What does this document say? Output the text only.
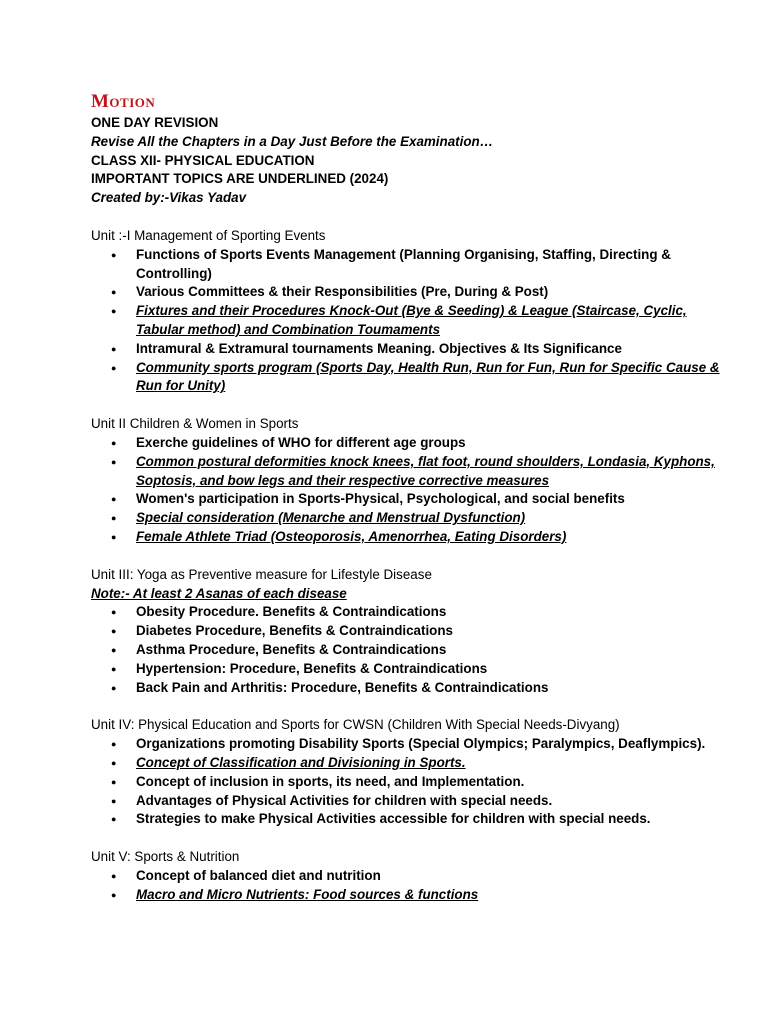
Motion
ONE DAY REVISION
Revise All the Chapters in a Day Just Before the Examination…
CLASS XII- PHYSICAL EDUCATION
IMPORTANT TOPICS ARE UNDERLINED (2024)
Created by:-Vikas Yadav
Unit :-I Management of Sporting Events
● Functions of Sports Events Management (Planning Organising, Staffing, Directing & Controlling)
● Various Committees & their Responsibilities (Pre, During & Post)
● Fixtures and their Procedures Knock-Out (Bye & Seeding) & League (Staircase, Cyclic, Tabular method) and Combination Toumaments
● Intramural & Extramural tournaments Meaning. Objectives & Its Significance
● Community sports program (Sports Day, Health Run, Run for Fun, Run for Specific Cause & Run for Unity)
Unit II Children & Women in Sports
● Exerche guidelines of WHO for different age groups
● Common postural deformities knock knees, flat foot, round shoulders, Londasia, Kyphons, Soptosis, and bow legs and their respective corrective measures
● Women's participation in Sports-Physical, Psychological, and social benefits
● Special consideration (Menarche and Menstrual Dysfunction)
● Female Athlete Triad (Osteoporosis, Amenorrhea, Eating Disorders)
Unit III: Yoga as Preventive measure for Lifestyle Disease
Note:- At least 2 Asanas of each disease
● Obesity Procedure. Benefits & Contraindications
● Diabetes Procedure, Benefits & Contraindications
● Asthma Procedure, Benefits & Contraindications
● Hypertension: Procedure, Benefits & Contraindications
● Back Pain and Arthritis: Procedure, Benefits & Contraindications
Unit IV: Physical Education and Sports for CWSN (Children With Special Needs-Divyang)
● Organizations promoting Disability Sports (Special Olympics; Paralympics, Deaflympics).
● Concept of Classification and Divisioning in Sports.
● Concept of inclusion in sports, its need, and Implementation.
● Advantages of Physical Activities for children with special needs.
● Strategies to make Physical Activities accessible for children with special needs.
Unit V: Sports & Nutrition
● Concept of balanced diet and nutrition
● Macro and Micro Nutrients: Food sources & functions
